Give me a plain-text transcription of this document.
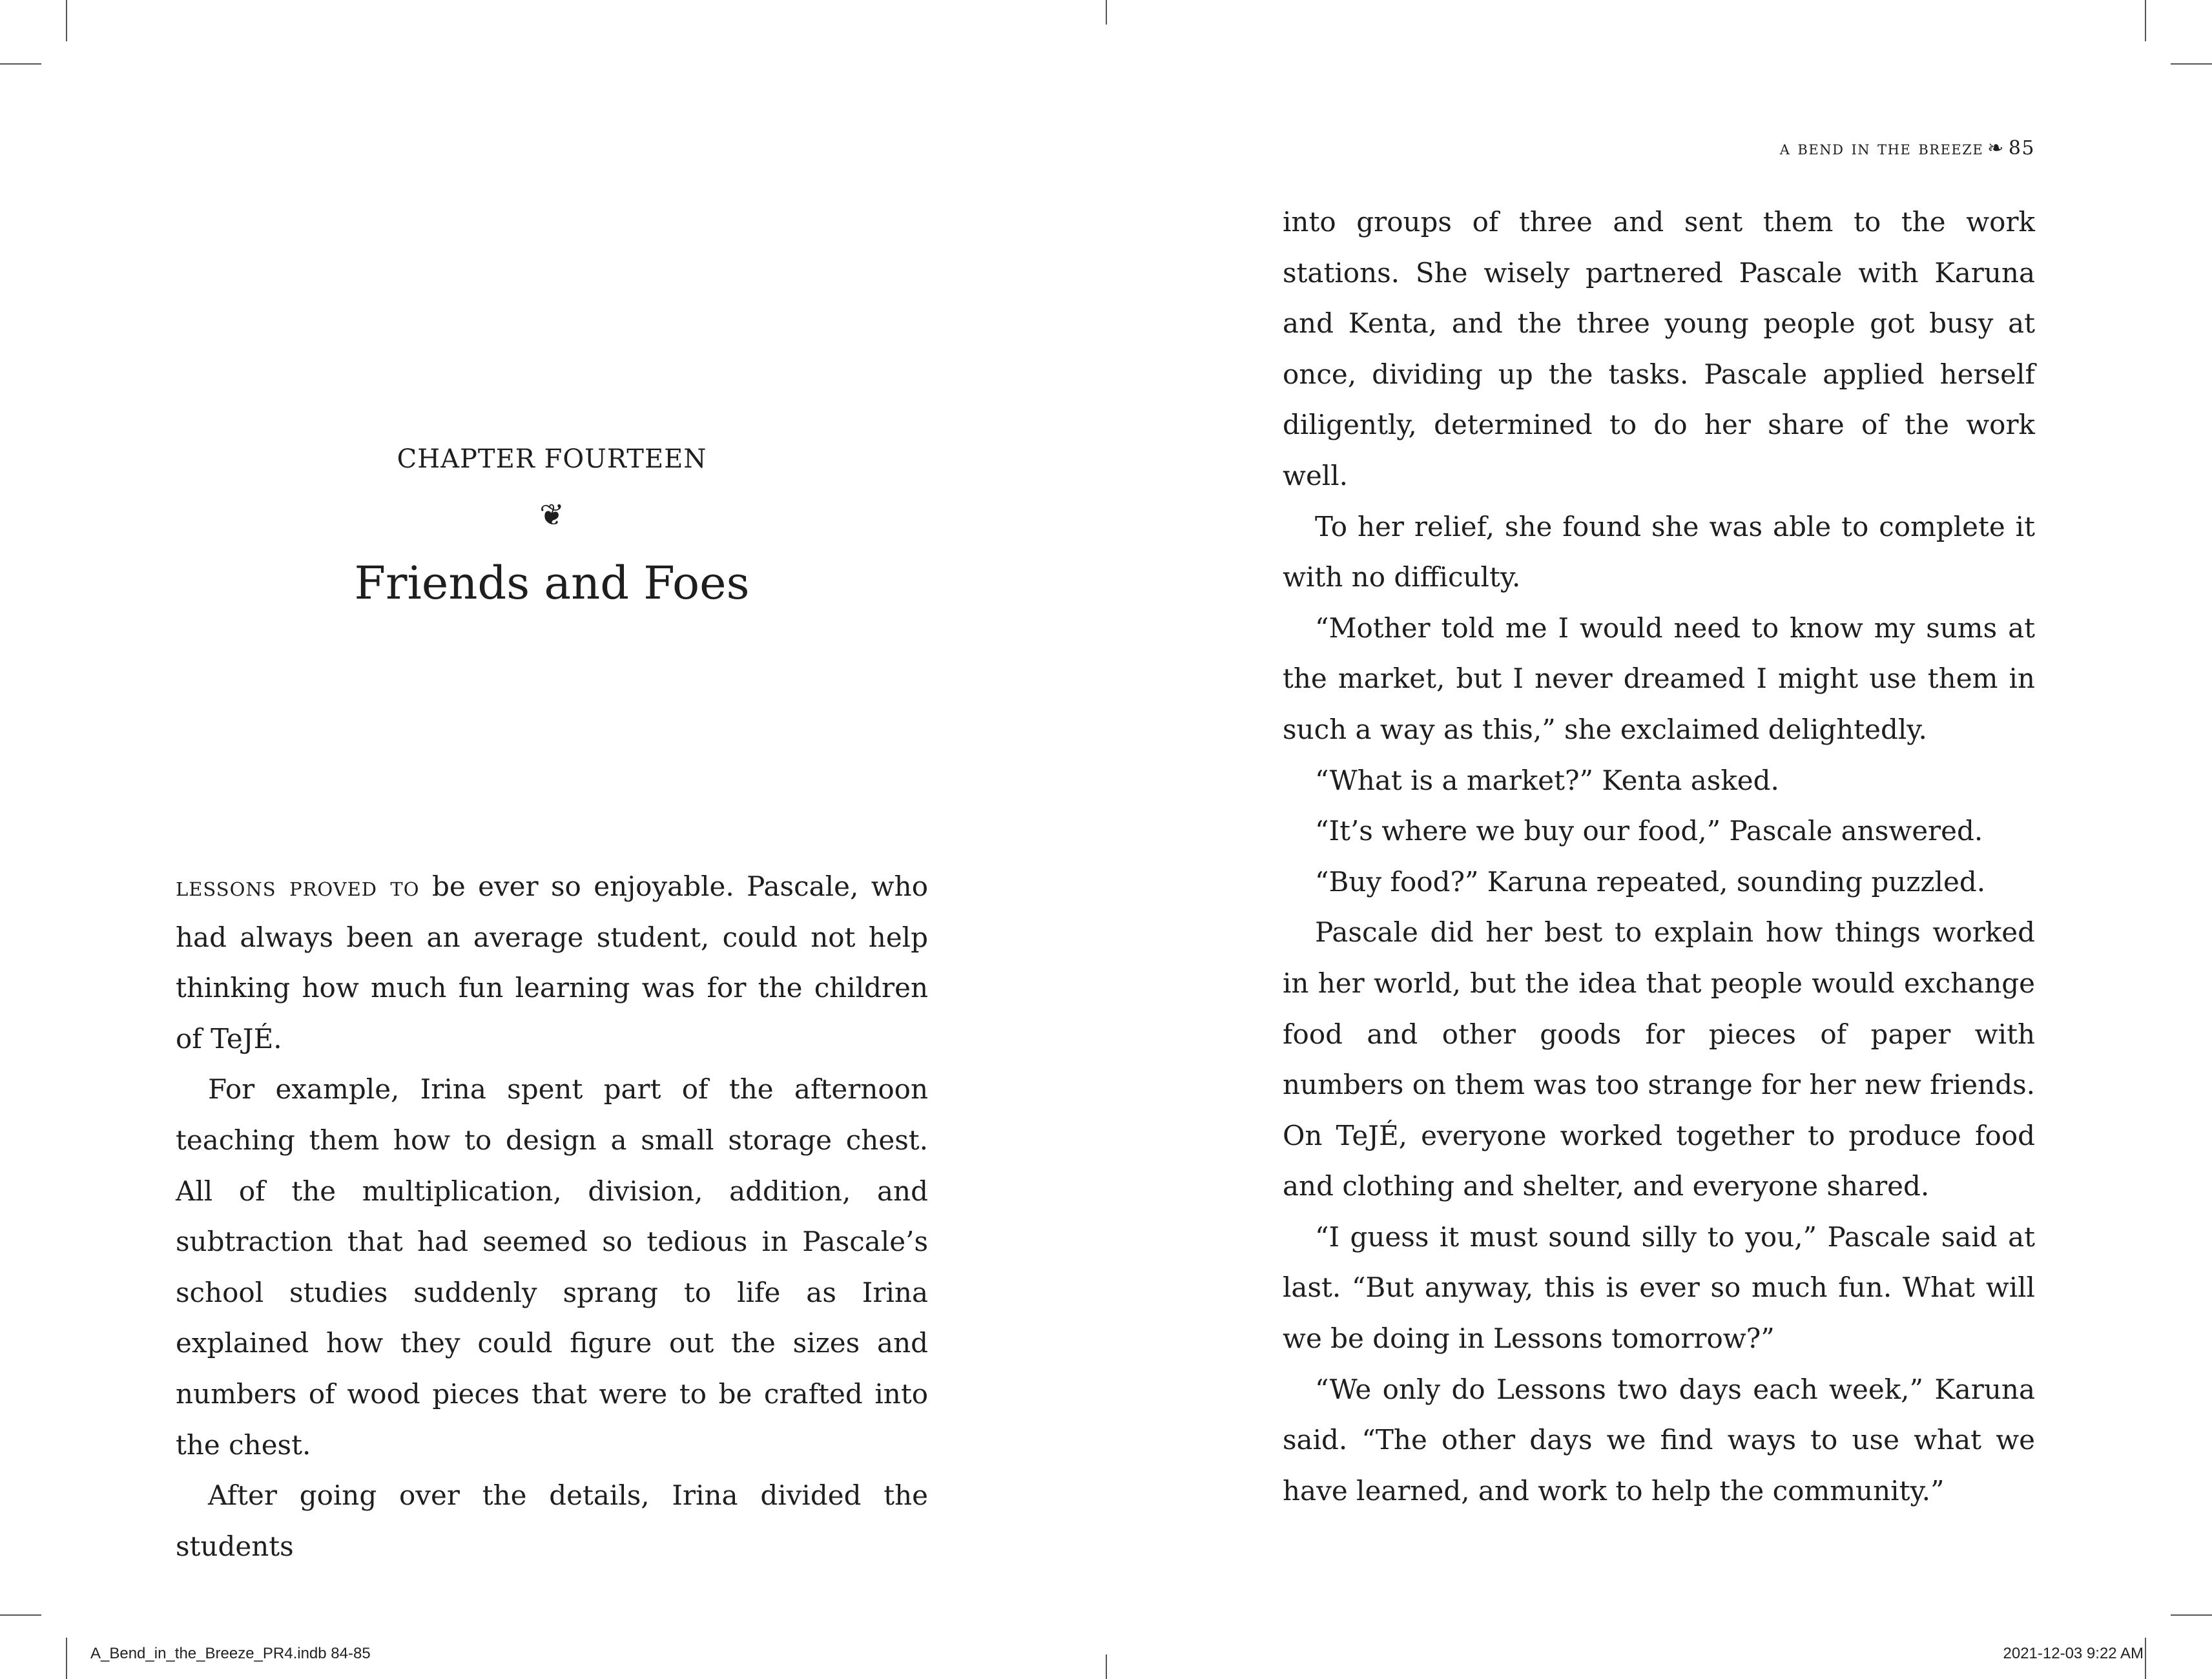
CHAPTER FOURTEEN
❦
Friends and Foes

lessons proved to be ever so enjoyable. Pascale, who had always been an average student, could not help thinking how much fun learning was for the children of TeJÉ.

For example, Irina spent part of the afternoon teaching them how to design a small storage chest. All of the multiplication, division, addition, and subtraction that had seemed so tedious in Pascale’s school studies suddenly sprang to life as Irina explained how they could figure out the sizes and numbers of wood pieces that were to be crafted into the chest.

After going over the details, Irina divided the students

a bend in the breeze ❧ 85

into groups of three and sent them to the work stations. She wisely partnered Pascale with Karuna and Kenta, and the three young people got busy at once, dividing up the tasks. Pascale applied herself diligently, determined to do her share of the work well.

To her relief, she found she was able to complete it with no difficulty.

“Mother told me I would need to know my sums at the market, but I never dreamed I might use them in such a way as this,” she exclaimed delightedly.

“What is a market?” Kenta asked.

“It’s where we buy our food,” Pascale answered.

“Buy food?” Karuna repeated, sounding puzzled.

Pascale did her best to explain how things worked in her world, but the idea that people would exchange food and other goods for pieces of paper with numbers on them was too strange for her new friends. On TeJÉ, everyone worked together to produce food and clothing and shelter, and everyone shared.

“I guess it must sound silly to you,” Pascale said at last. “But anyway, this is ever so much fun. What will we be doing in Lessons tomorrow?”

“We only do Lessons two days each week,” Karuna said. “The other days we find ways to use what we have learned, and work to help the community.”

A_Bend_in_the_Breeze_PR4.indb 84-85	2021-12-03 9:22 AM
